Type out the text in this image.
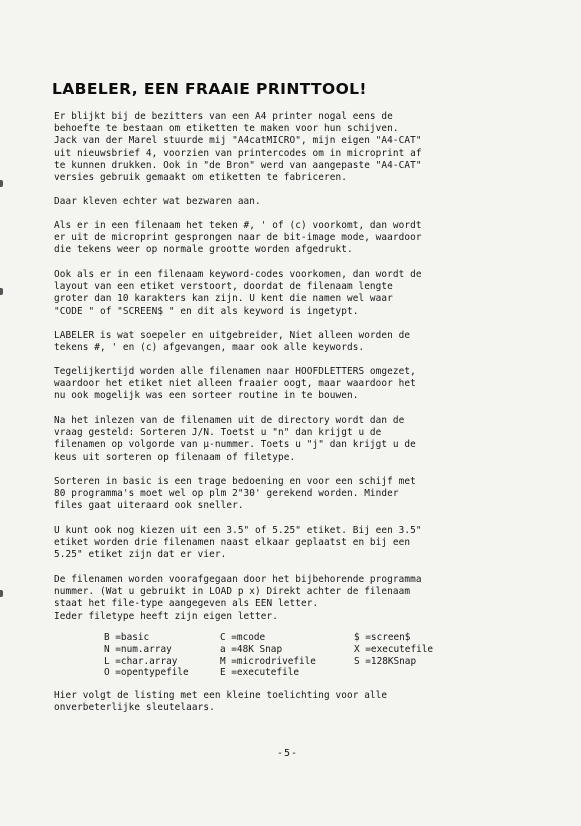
LABELER, EEN FRAAIE PRINTTOOL!

Er blijkt bij de bezitters van een A4 printer nogal eens de
behoefte te bestaan om etiketten te maken voor hun schijven.
Jack van der Marel stuurde mij "A4catMICRO", mijn eigen "A4-CAT"
uit nieuwsbrief 4, voorzien van printercodes om in microprint af
te kunnen drukken. Ook in "de Bron" werd van aangepaste "A4-CAT"
versies gebruik gemaakt om etiketten te fabriceren.

Daar kleven echter wat bezwaren aan.

Als er in een filenaam het teken #, ' of (c) voorkomt, dan wordt
er uit de microprint gesprongen naar de bit-image mode, waardoor
die tekens weer op normale grootte worden afgedrukt.

Ook als er in een filenaam keyword-codes voorkomen, dan wordt de
layout van een etiket verstoort, doordat de filenaam lengte
groter dan 10 karakters kan zijn. U kent die namen wel waar
"CODE " of "SCREEN$ " en dit als keyword is ingetypt.

LABELER is wat soepeler en uitgebreider, Niet alleen worden de
tekens #, ' en (c) afgevangen, maar ook alle keywords.

Tegelijkertijd worden alle filenamen naar HOOFDLETTERS omgezet,
waardoor het etiket niet alleen fraaier oogt, maar waardoor het
nu ook mogelijk was een sorteer routine in te bouwen.

Na het inlezen van de filenamen uit de directory wordt dan de
vraag gesteld: Sorteren J/N. Toetst u "n" dan krijgt u de
filenamen op volgorde van µ-nummer. Toets u "j" dan krijgt u de
keus uit sorteren op filenaam of filetype.

Sorteren in basic is een trage bedoening en voor een schijf met
80 programma's moet wel op plm 2"30' gerekend worden. Minder
files gaat uiteraard ook sneller.

U kunt ook nog kiezen uit een 3.5" of 5.25" etiket. Bij een 3.5"
etiket worden drie filenamen naast elkaar geplaatst en bij een
5.25" etiket zijn dat er vier.

De filenamen worden voorafgegaan door het bijbehorende programma
nummer. (Wat u gebruikt in LOAD p x) Direkt achter de filenaam
staat het file-type aangegeven als EEN letter.

Ieder filetype heeft zijn eigen letter.

B =basic	C =mcode	$ =screen$
N =num.array	a =48K Snap	X =executefile
L =char.array	M =microdrivefile	S =128KSnap
O =opentypefile	E =executefile

Hier volgt de listing met een kleine toelichting voor alle
onverbeterlijke sleutelaars.

-5-
